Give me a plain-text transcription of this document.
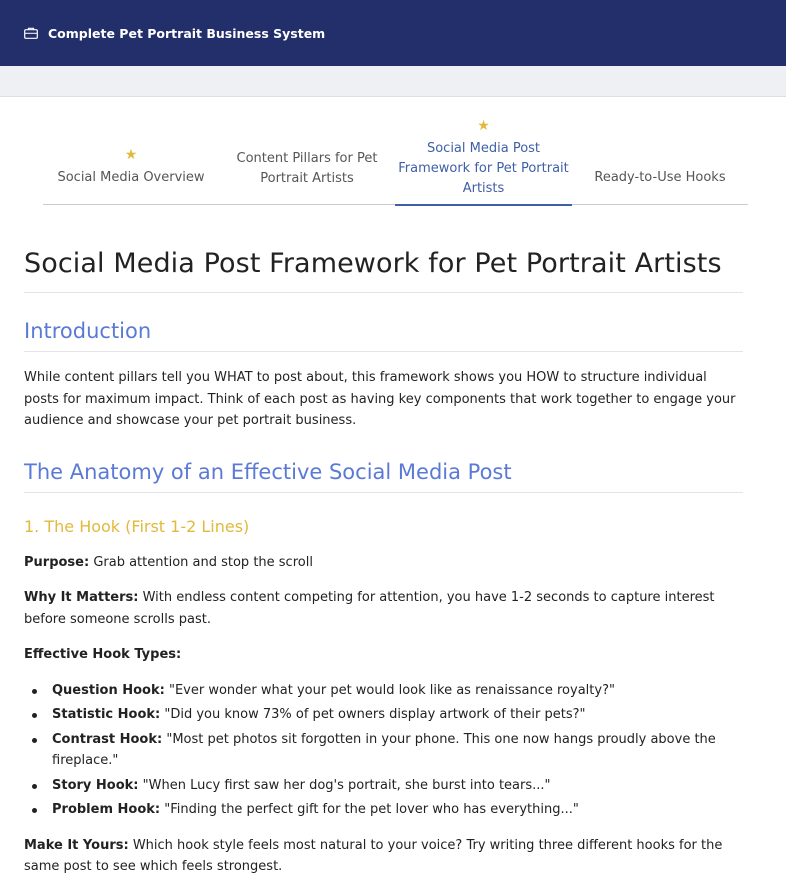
Complete Pet Portrait Business System
★
Social Media Overview
Content Pillars for Pet Portrait Artists
★
Social Media Post Framework for Pet Portrait Artists
Ready-to-Use Hooks
Social Media Post Framework for Pet Portrait Artists
Introduction

While content pillars tell you WHAT to post about, this framework shows you HOW to structure individual posts for maximum impact. Think of each post as having key components that work together to engage your audience and showcase your pet portrait business.

The Anatomy of an Effective Social Media Post
1. The Hook (First 1-2 Lines)

Purpose: Grab attention and stop the scroll

Why It Matters: With endless content competing for attention, you have 1-2 seconds to capture interest before someone scrolls past.

Effective Hook Types:

Question Hook: "Ever wonder what your pet would look like as renaissance royalty?"
Statistic Hook: "Did you know 73% of pet owners display artwork of their pets?"
Contrast Hook: "Most pet photos sit forgotten in your phone. This one now hangs proudly above the fireplace."
Story Hook: "When Lucy first saw her dog's portrait, she burst into tears..."
Problem Hook: "Finding the perfect gift for the pet lover who has everything..."

Make It Yours: Which hook style feels most natural to your voice? Try writing three different hooks for the same post to see which feels strongest.
